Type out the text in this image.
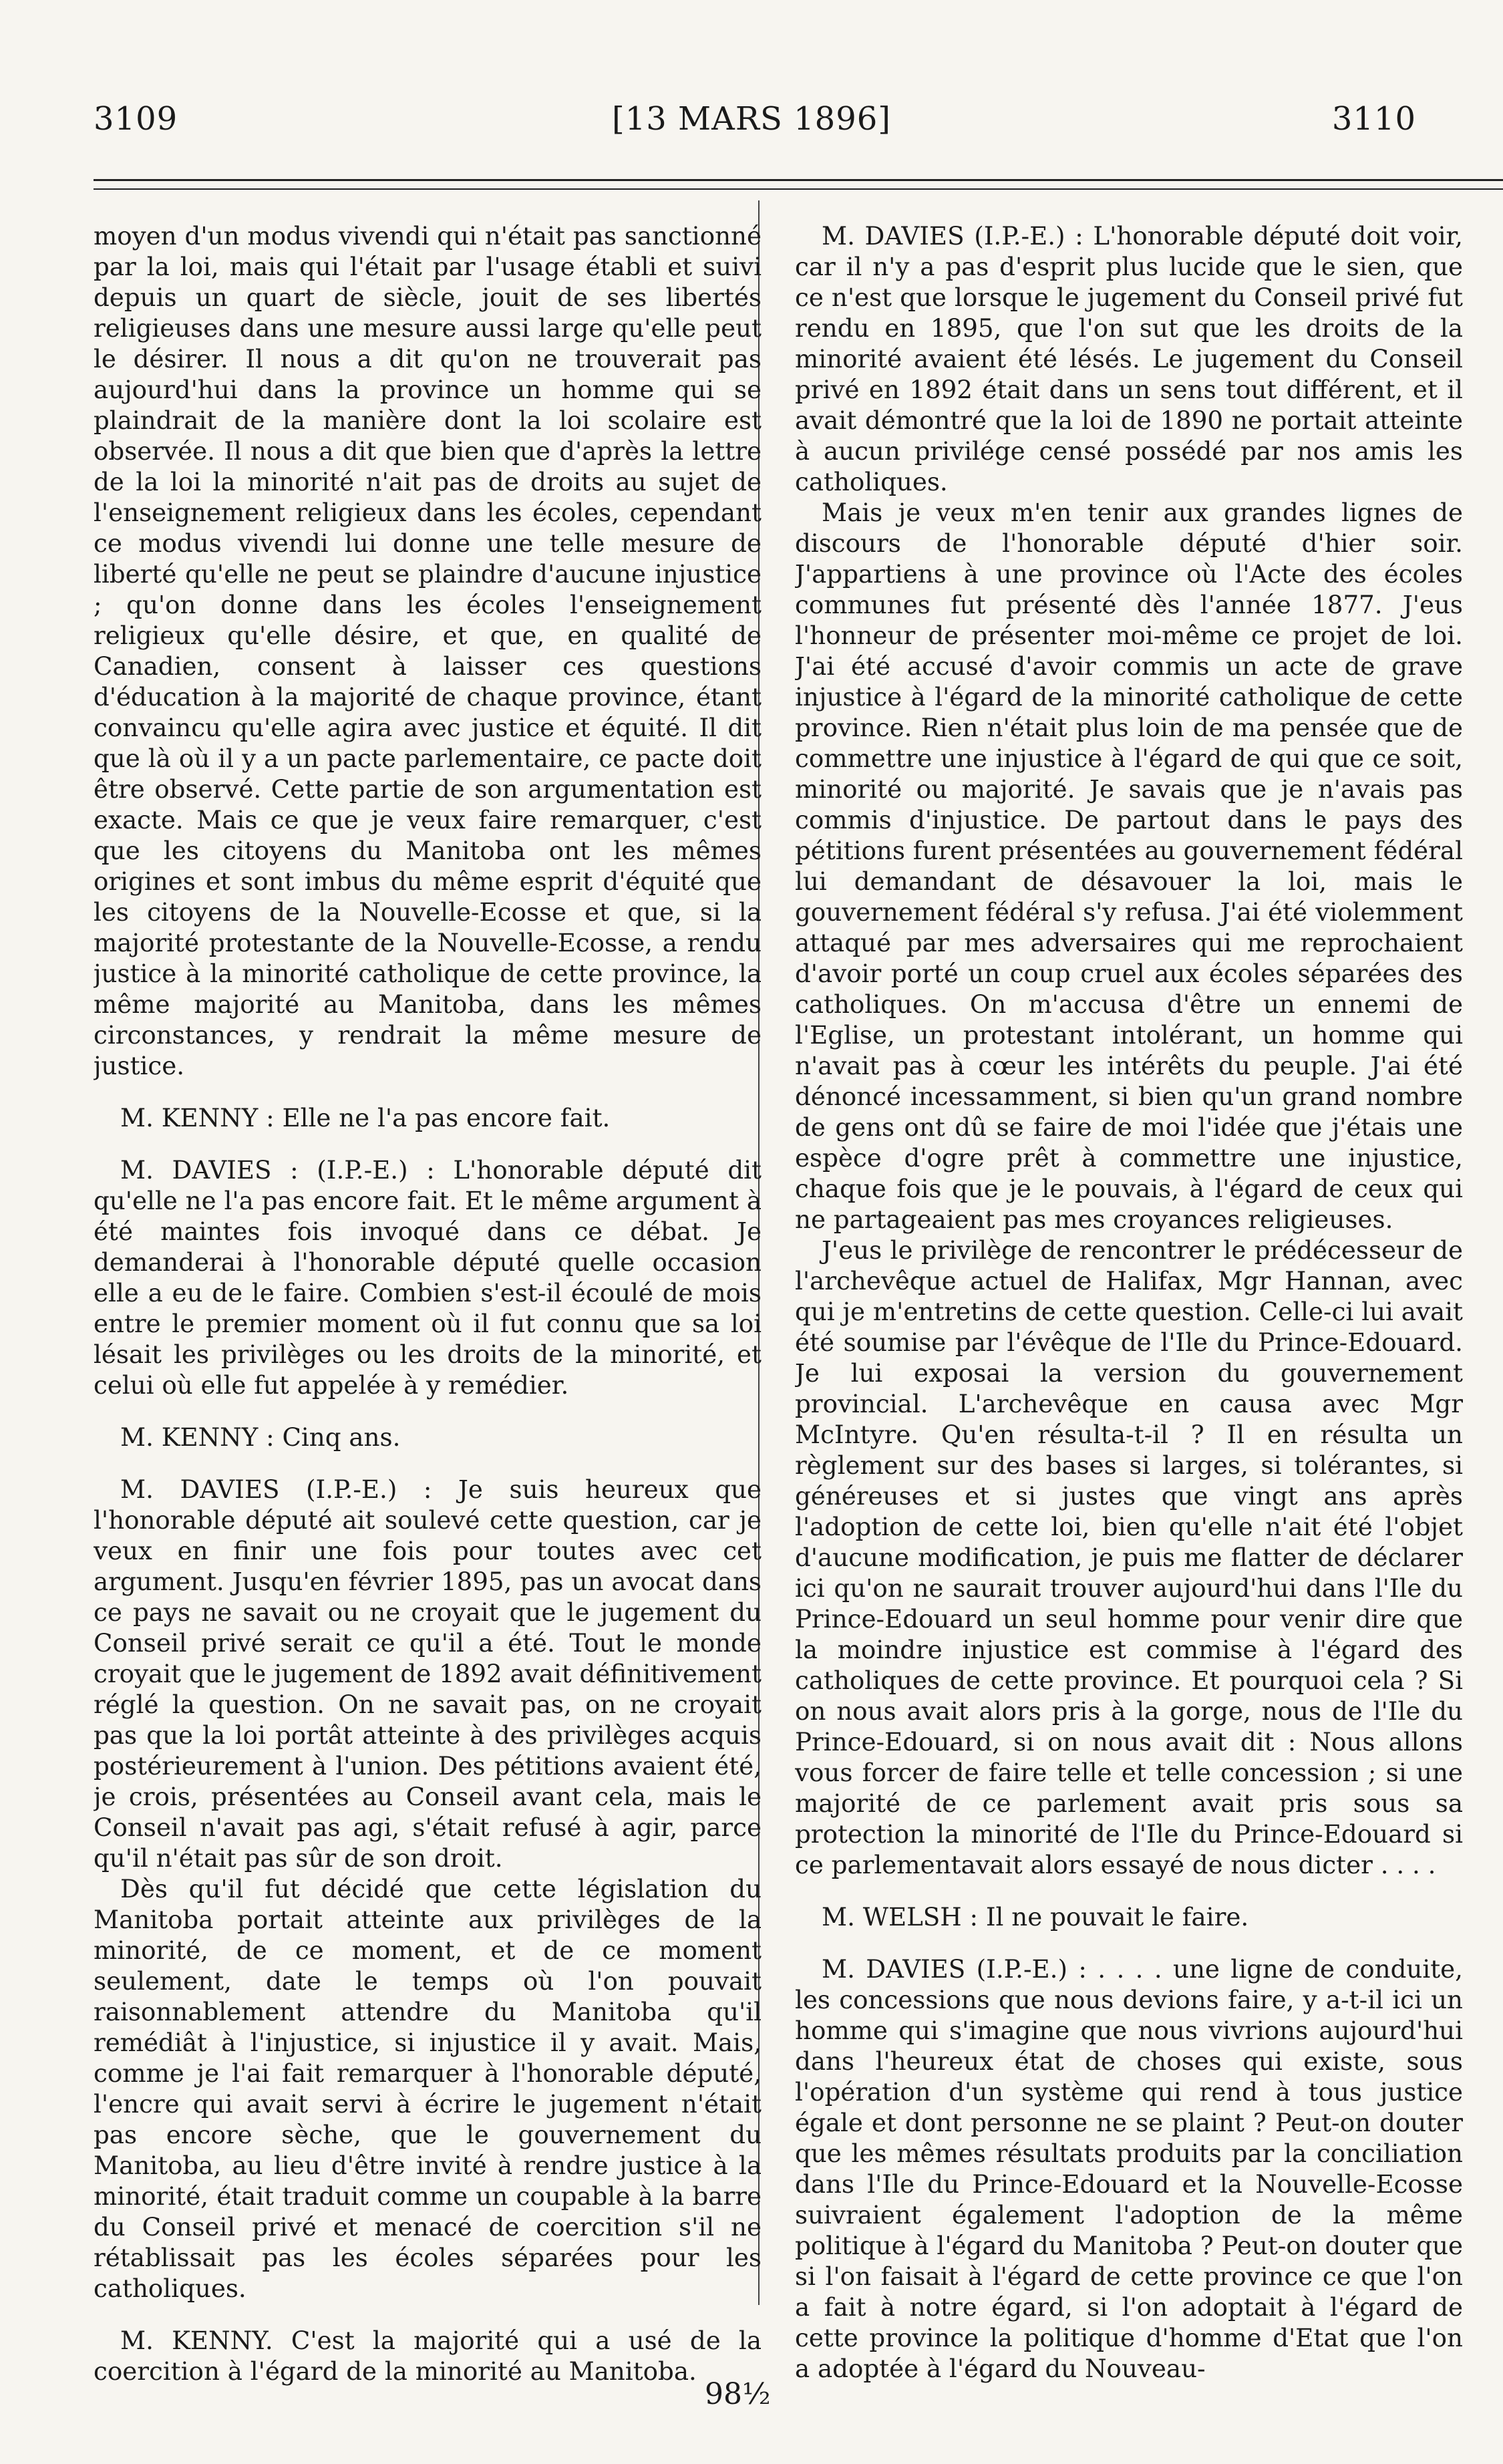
3109	[13 MARS 1896]	3110

moyen d'un modus vivendi qui n'était pas sanctionné par la loi, mais qui l'était par l'usage établi et suivi depuis un quart de siècle, jouit de ses libertés religieuses dans une mesure aussi large qu'elle peut le désirer. Il nous a dit qu'on ne trouverait pas aujourd'hui dans la province un homme qui se plaindrait de la manière dont la loi scolaire est observée. Il nous a dit que bien que d'après la lettre de la loi la minorité n'ait pas de droits au sujet de l'enseignement religieux dans les écoles, cependant ce modus vivendi lui donne une telle mesure de liberté qu'elle ne peut se plaindre d'aucune injustice ; qu'on donne dans les écoles l'enseignement religieux qu'elle désire, et que, en qualité de Canadien, consent à laisser ces questions d'éducation à la majorité de chaque province, étant convaincu qu'elle agira avec justice et équité. Il dit que là où il y a un pacte parlementaire, ce pacte doit être observé. Cette partie de son argumentation est exacte. Mais ce que je veux faire remarquer, c'est que les citoyens du Manitoba ont les mêmes origines et sont imbus du même esprit d'équité que les citoyens de la Nouvelle-Ecosse et que, si la majorité protestante de la Nouvelle-Ecosse, a rendu justice à la minorité catholique de cette province, la même majorité au Manitoba, dans les mêmes circonstances, y rendrait la même mesure de justice.

M. KENNY : Elle ne l'a pas encore fait.

M. DAVIES : (I.P.-E.) : L'honorable député dit qu'elle ne l'a pas encore fait. Et le même argument à été maintes fois invoqué dans ce débat. Je demanderai à l'honorable député quelle occasion elle a eu de le faire. Combien s'est-il écoulé de mois entre le premier moment où il fut connu que sa loi lésait les privilèges ou les droits de la minorité, et celui où elle fut appelée à y remédier.

M. KENNY : Cinq ans.

M. DAVIES (I.P.-E.) : Je suis heureux que l'honorable député ait soulevé cette question, car je veux en finir une fois pour toutes avec cet argument. Jusqu'en février 1895, pas un avocat dans ce pays ne savait ou ne croyait que le jugement du Conseil privé serait ce qu'il a été. Tout le monde croyait que le jugement de 1892 avait définitivement réglé la question. On ne savait pas, on ne croyait pas que la loi portât atteinte à des privilèges acquis postérieurement à l'union. Des pétitions avaient été, je crois, présentées au Conseil avant cela, mais le Conseil n'avait pas agi, s'était refusé à agir, parce qu'il n'était pas sûr de son droit.

Dès qu'il fut décidé que cette législation du Manitoba portait atteinte aux privilèges de la minorité, de ce moment, et de ce moment seulement, date le temps où l'on pouvait raisonnablement attendre du Manitoba qu'il remédiât à l'injustice, si injustice il y avait. Mais, comme je l'ai fait remarquer à l'honorable député, l'encre qui avait servi à écrire le jugement n'était pas encore sèche, que le gouvernement du Manitoba, au lieu d'être invité à rendre justice à la minorité, était traduit comme un coupable à la barre du Conseil privé et menacé de coercition s'il ne rétablissait pas les écoles séparées pour les catholiques.

M. KENNY. C'est la majorité qui a usé de la coercition à l'égard de la minorité au Manitoba.

M. DAVIES (I.P.-E.) : L'honorable député doit voir, car il n'y a pas d'esprit plus lucide que le sien, que ce n'est que lorsque le jugement du Conseil privé fut rendu en 1895, que l'on sut que les droits de la minorité avaient été lésés. Le jugement du Conseil privé en 1892 était dans un sens tout différent, et il avait démontré que la loi de 1890 ne portait atteinte à aucun privilége censé possédé par nos amis les catholiques.

Mais je veux m'en tenir aux grandes lignes de discours de l'honorable député d'hier soir. J'appartiens à une province où l'Acte des écoles communes fut présenté dès l'année 1877. J'eus l'honneur de présenter moi-même ce projet de loi. J'ai été accusé d'avoir commis un acte de grave injustice à l'égard de la minorité catholique de cette province. Rien n'était plus loin de ma pensée que de commettre une injustice à l'égard de qui que ce soit, minorité ou majorité. Je savais que je n'avais pas commis d'injustice. De partout dans le pays des pétitions furent présentées au gouvernement fédéral lui demandant de désavouer la loi, mais le gouvernement fédéral s'y refusa. J'ai été violemment attaqué par mes adversaires qui me reprochaient d'avoir porté un coup cruel aux écoles séparées des catholiques. On m'accusa d'être un ennemi de l'Eglise, un protestant intolérant, un homme qui n'avait pas à cœur les intérêts du peuple. J'ai été dénoncé incessamment, si bien qu'un grand nombre de gens ont dû se faire de moi l'idée que j'étais une espèce d'ogre prêt à commettre une injustice, chaque fois que je le pouvais, à l'égard de ceux qui ne partageaient pas mes croyances religieuses.

J'eus le privilège de rencontrer le prédécesseur de l'archevêque actuel de Halifax, Mgr Hannan, avec qui je m'entretins de cette question. Celle-ci lui avait été soumise par l'évêque de l'Ile du Prince-Edouard. Je lui exposai la version du gouvernement provincial. L'archevêque en causa avec Mgr McIntyre. Qu'en résulta-t-il ? Il en résulta un règlement sur des bases si larges, si tolérantes, si généreuses et si justes que vingt ans après l'adoption de cette loi, bien qu'elle n'ait été l'objet d'aucune modification, je puis me flatter de déclarer ici qu'on ne saurait trouver aujourd'hui dans l'Ile du Prince-Edouard un seul homme pour venir dire que la moindre injustice est commise à l'égard des catholiques de cette province. Et pourquoi cela ? Si on nous avait alors pris à la gorge, nous de l'Ile du Prince-Edouard, si on nous avait dit : Nous allons vous forcer de faire telle et telle concession ; si une majorité de ce parlement avait pris sous sa protection la minorité de l'Ile du Prince-Edouard si ce parlementavait alors essayé de nous dicter . . . .

M. WELSH : Il ne pouvait le faire.

M. DAVIES (I.P.-E.) : . . . . une ligne de conduite, les concessions que nous devions faire, y a-t-il ici un homme qui s'imagine que nous vivrions aujourd'hui dans l'heureux état de choses qui existe, sous l'opération d'un système qui rend à tous justice égale et dont personne ne se plaint ? Peut-on douter que les mêmes résultats produits par la conciliation dans l'Ile du Prince-Edouard et la Nouvelle-Ecosse suivraient également l'adoption de la même politique à l'égard du Manitoba ? Peut-on douter que si l'on faisait à l'égard de cette province ce que l'on a fait à notre égard, si l'on adoptait à l'égard de cette province la politique d'homme d'Etat que l'on a adoptée à l'égard du Nouveau-

98½
